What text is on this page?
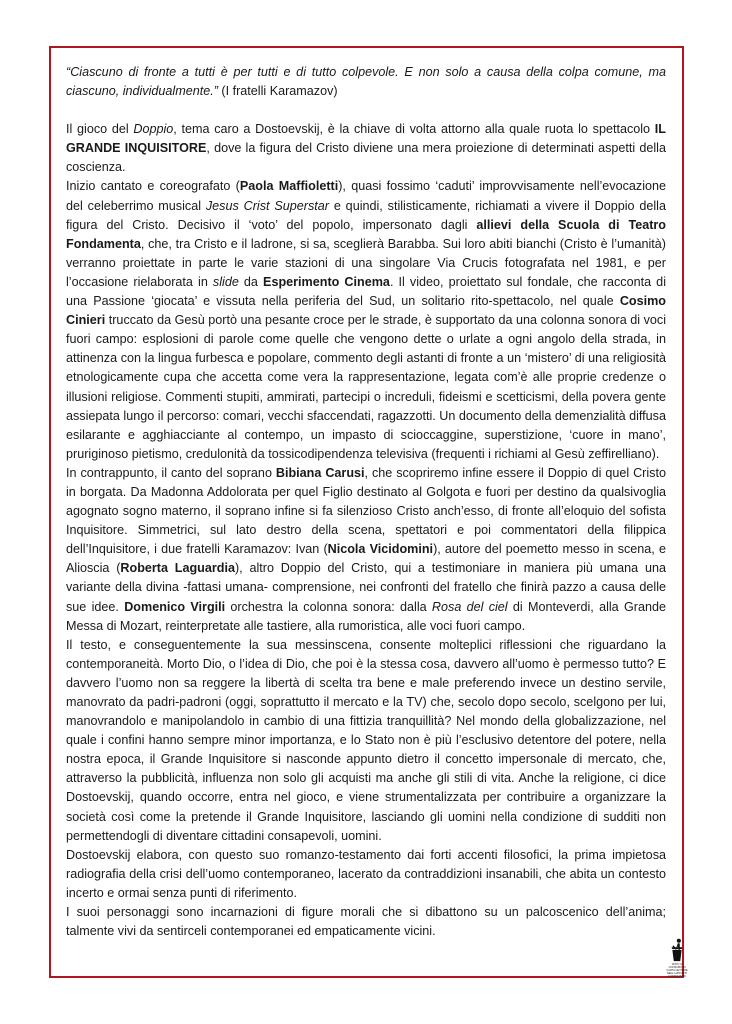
“Ciascuno di fronte a tutti è per tutti e di tutto colpevole. E non solo a causa della colpa comune, ma ciascuno, individualmente.” (I fratelli Karamazov)

Il gioco del Doppio, tema caro a Dostoevskij, è la chiave di volta attorno alla quale ruota lo spettacolo IL GRANDE INQUISITORE, dove la figura del Cristo diviene una mera proiezione di determinati aspetti della coscienza.

Inizio cantato e coreografato (Paola Maffioletti), quasi fossimo ‘caduti’ improvvisamente nell’evocazione del celeberrimo musical Jesus Crist Superstar e quindi, stilisticamente, richiamati a vivere il Doppio della figura del Cristo. Decisivo il ‘voto’ del popolo, impersonato dagli allievi della Scuola di Teatro Fondamenta, che, tra Cristo e il ladrone, si sa, sceglierà Barabba. Sui loro abiti bianchi (Cristo è l’umanità) verranno proiettate in parte le varie stazioni di una singolare Via Crucis fotografata nel 1981, e per l’occasione rielaborata in slide da Esperimento Cinema. Il video, proiettato sul fondale, che racconta di una Passione ‘giocata’ e vissuta nella periferia del Sud, un solitario rito-spettacolo, nel quale Cosimo Cinieri truccato da Gesù portò una pesante croce per le strade, è supportato da una colonna sonora di voci fuori campo: esplosioni di parole come quelle che vengono dette o urlate a ogni angolo della strada, in attinenza con la lingua furbesca e popolare, commento degli astanti di fronte a un ‘mistero’ di una religiosità etnologicamente cupa che accetta come vera la rappresentazione, legata com’è alle proprie credenze o illusioni religiose. Commenti stupiti, ammirati, partecipi o increduli, fideismi e scetticismi, della povera gente assiepata lungo il percorso: comari, vecchi sfaccendati, ragazzotti. Un documento della demenzialità diffusa esilarante e agghiacciante al contempo, un impasto di scioccaggine, superstizione, ‘cuore in mano’, pruriginoso pietismo, credulonità da tossicodipendenza televisiva (frequenti i richiami al Gesù zeffirelliano).

In contrappunto, il canto del soprano Bibiana Carusi, che scopriremo infine essere il Doppio di quel Cristo in borgata. Da Madonna Addolorata per quel Figlio destinato al Golgota e fuori per destino da qualsivoglia agognato sogno materno, il soprano infine si fa silenzioso Cristo anch’esso, di fronte all’eloquio del sofista Inquisitore. Simmetrici, sul lato destro della scena, spettatori e poi commentatori della filippica dell’Inquisitore, i due fratelli Karamazov: Ivan (Nicola Vicidomini), autore del poemetto messo in scena, e Alioscia (Roberta Laguardia), altro Doppio del Cristo, qui a testimoniare in maniera più umana una variante della divina -fattasi umana- comprensione, nei confronti del fratello che finirà pazzo a causa delle sue idee. Domenico Virgili orchestra la colonna sonora: dalla Rosa del ciel di Monteverdi, alla Grande Messa di Mozart, reinterpretate alle tastiere, alla rumoristica, alle voci fuori campo.

Il testo, e conseguentemente la sua messinscena, consente molteplici riflessioni che riguardano la contemporaneità. Morto Dio, o l’idea di Dio, che poi è la stessa cosa, davvero all’uomo è permesso tutto? E davvero l’uomo non sa reggere la libertà di scelta tra bene e male preferendo invece un destino servile, manovrato da padri-padroni (oggi, soprattutto il mercato e la TV) che, secolo dopo secolo, scelgono per lui, manovrandolo e manipolandolo in cambio di una fittizia tranquillità? Nel mondo della globalizzazione, nel quale i confini hanno sempre minor importanza, e lo Stato non è più l’esclusivo detentore del potere, nella nostra epoca, il Grande Inquisitore si nasconde appunto dietro il concetto impersonale di mercato, che, attraverso la pubblicità, influenza non solo gli acquisti ma anche gli stili di vita. Anche la religione, ci dice Dostoevskij, quando occorre, entra nel gioco, e viene strumentalizzata per contribuire a organizzare la società così come la pretende il Grande Inquisitore, lasciando gli uomini nella condizione di sudditi non permettendogli di diventare cittadini consapevoli, uomini.

Dostoevskij elabora, con questo suo romanzo-testamento dai forti accenti filosofici, la prima impietosa radiografia della crisi dell’uomo contemporaneo, lacerato da contraddizioni insanabili, che abita un contesto incerto e ormai senza punti di riferimento.

I suoi personaggi sono incarnazioni di figure morali che si dibattono su un palcoscenico dell’anima; talmente vivi da sentirceli contemporanei ed empaticamente vicini.

DOPO IL CONSUMO DI CARTA GETTARE NEGLI APPOSITI CONTENITORI
